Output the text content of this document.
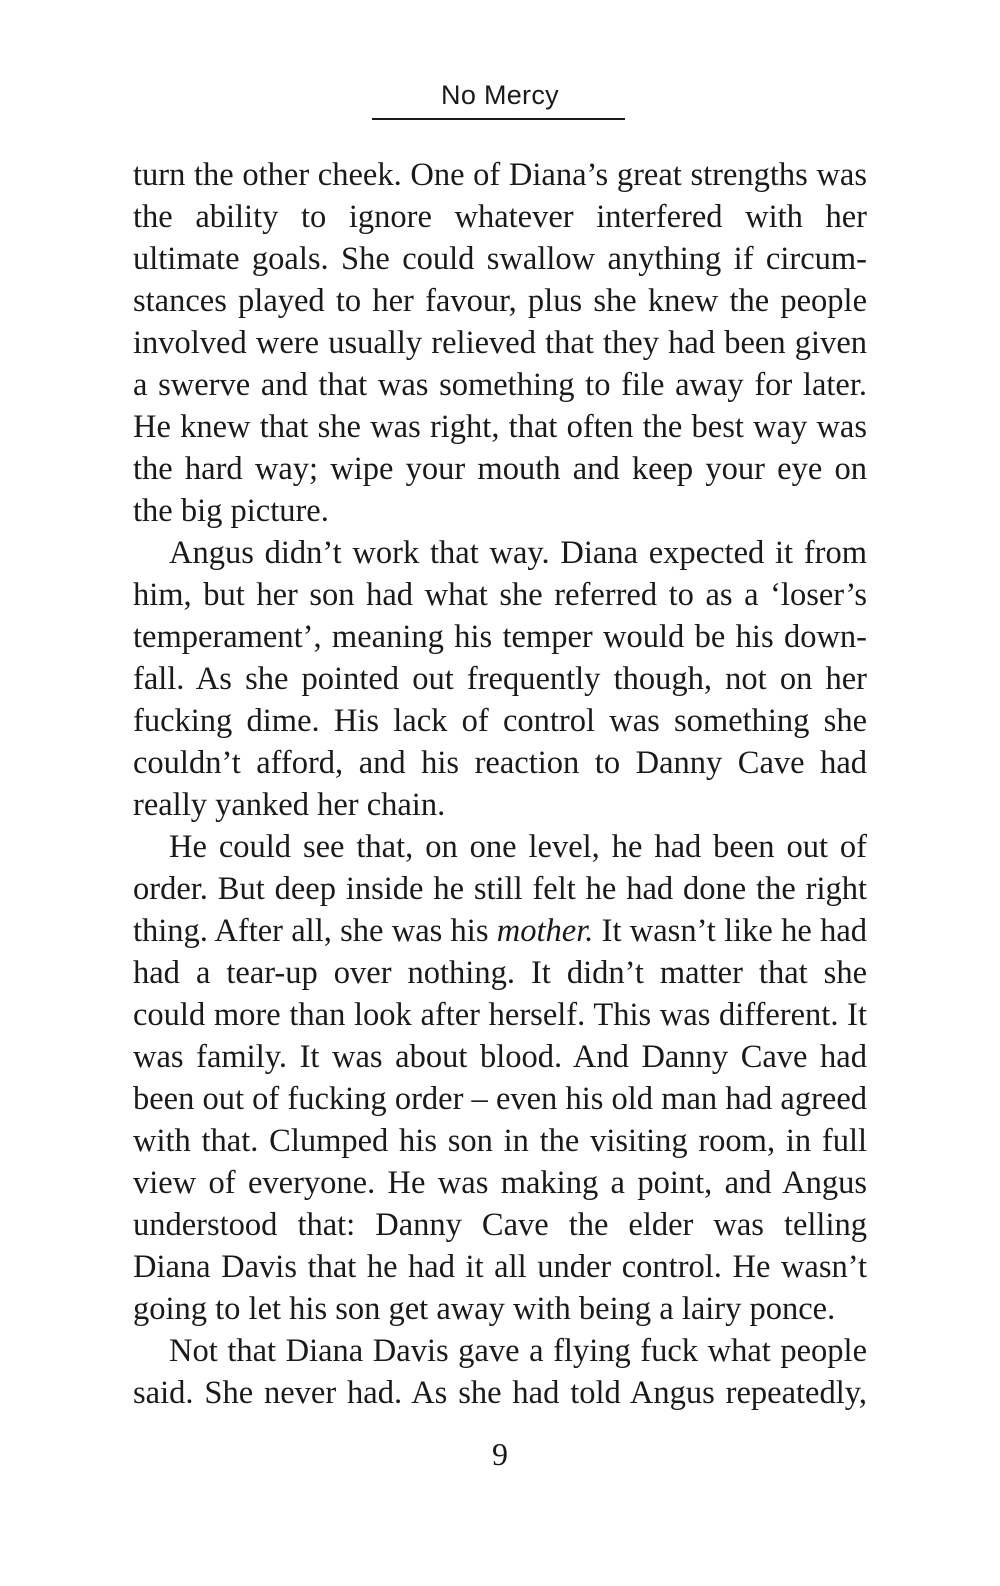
No Mercy

turn the other cheek. One of Diana’s great strengths was the ability to ignore whatever interfered with her ultimate goals. She could swallow anything if circumstances played to her favour, plus she knew the people involved were usually relieved that they had been given a swerve and that was something to file away for later. He knew that she was right, that often the best way was the hard way; wipe your mouth and keep your eye on the big picture.

Angus didn’t work that way. Diana expected it from him, but her son had what she referred to as a ‘loser’s temperament’, meaning his temper would be his downfall. As she pointed out frequently though, not on her fucking dime. His lack of control was something she couldn’t afford, and his reaction to Danny Cave had really yanked her chain.

He could see that, on one level, he had been out of order. But deep inside he still felt he had done the right thing. After all, she was his mother. It wasn’t like he had had a tear-up over nothing. It didn’t matter that she could more than look after herself. This was different. It was family. It was about blood. And Danny Cave had been out of fucking order – even his old man had agreed with that. Clumped his son in the visiting room, in full view of everyone. He was making a point, and Angus understood that: Danny Cave the elder was telling Diana Davis that he had it all under control. He wasn’t going to let his son get away with being a lairy ponce.

Not that Diana Davis gave a flying fuck what people said. She never had. As she had told Angus repeatedly,

9
